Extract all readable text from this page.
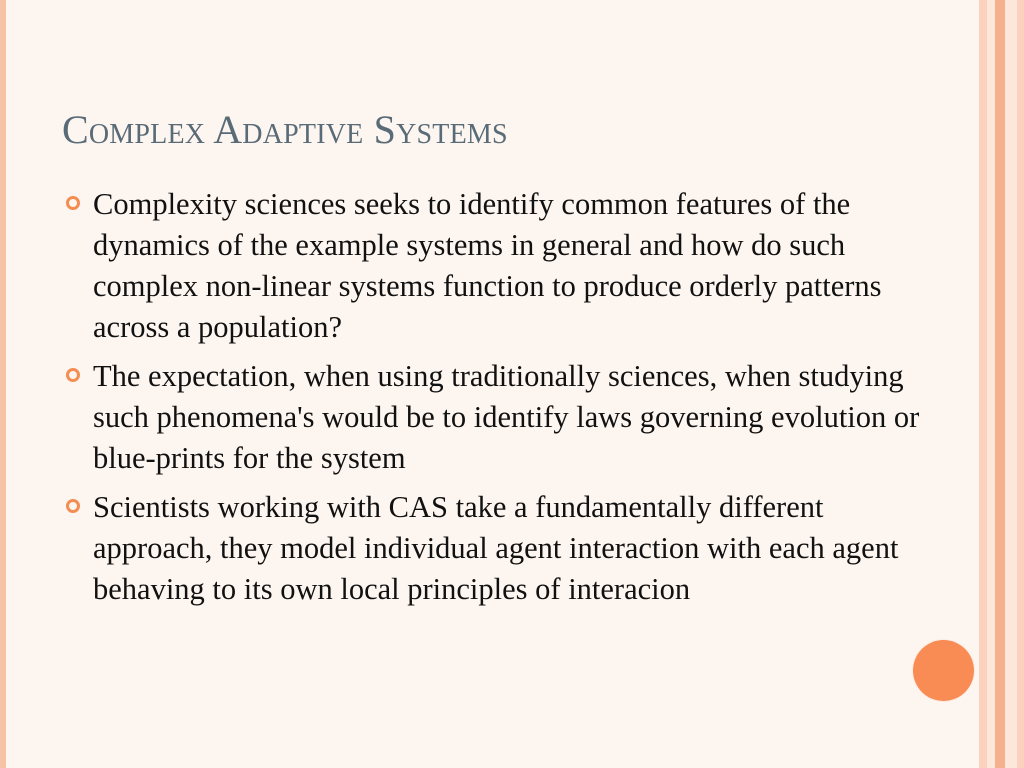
Complex Adaptive Systems

Complexity sciences seeks to identify common features of the dynamics of the example systems in general and how do such complex non-linear systems function to produce orderly patterns across a population?

The expectation, when using traditionally sciences, when studying such phenomena's would be to identify laws governing evolution or blue-prints for the system

Scientists working with CAS take a fundamentally different approach, they model individual agent interaction with each agent behaving to its own local principles of interacion
